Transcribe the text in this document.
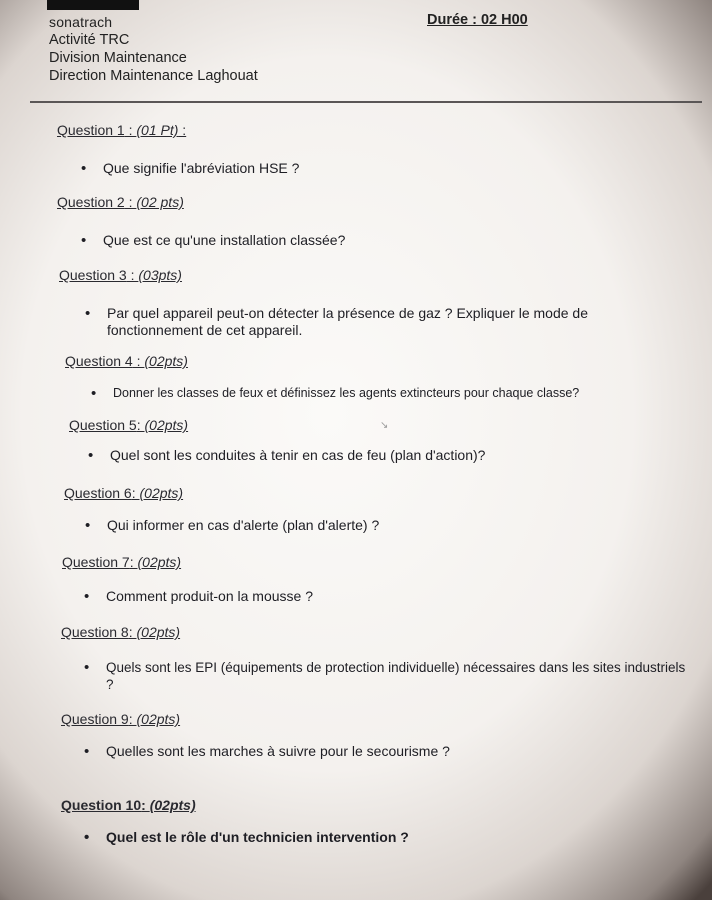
sonatrach
Activité TRC
Division Maintenance
Direction Maintenance Laghouat
Durée : 02 H00
Question 1 : (01 Pt) :
• Que signifie l'abréviation HSE ?
Question 2 : (02 pts)
• Que est ce qu'une installation classée?
Question 3 : (03pts)
• Par quel appareil peut-on détecter la présence de gaz ? Expliquer le mode de fonctionnement de cet appareil.
Question 4 : (02pts)
• Donner les classes de feux et définissez les agents extincteurs pour chaque classe?
↘
Question 5: (02pts)
• Quel sont les conduites à tenir en cas de feu (plan d'action)?
Question 6: (02pts)
• Qui informer en cas d'alerte (plan d'alerte) ?
Question 7: (02pts)
• Comment produit-on la mousse ?
Question 8: (02pts)
• Quels sont les EPI (équipements de protection individuelle) nécessaires dans les sites industriels ?
Question 9: (02pts)
• Quelles sont les marches à suivre pour le secourisme ?
Question 10: (02pts)
• Quel est le rôle d'un technicien intervention ?
